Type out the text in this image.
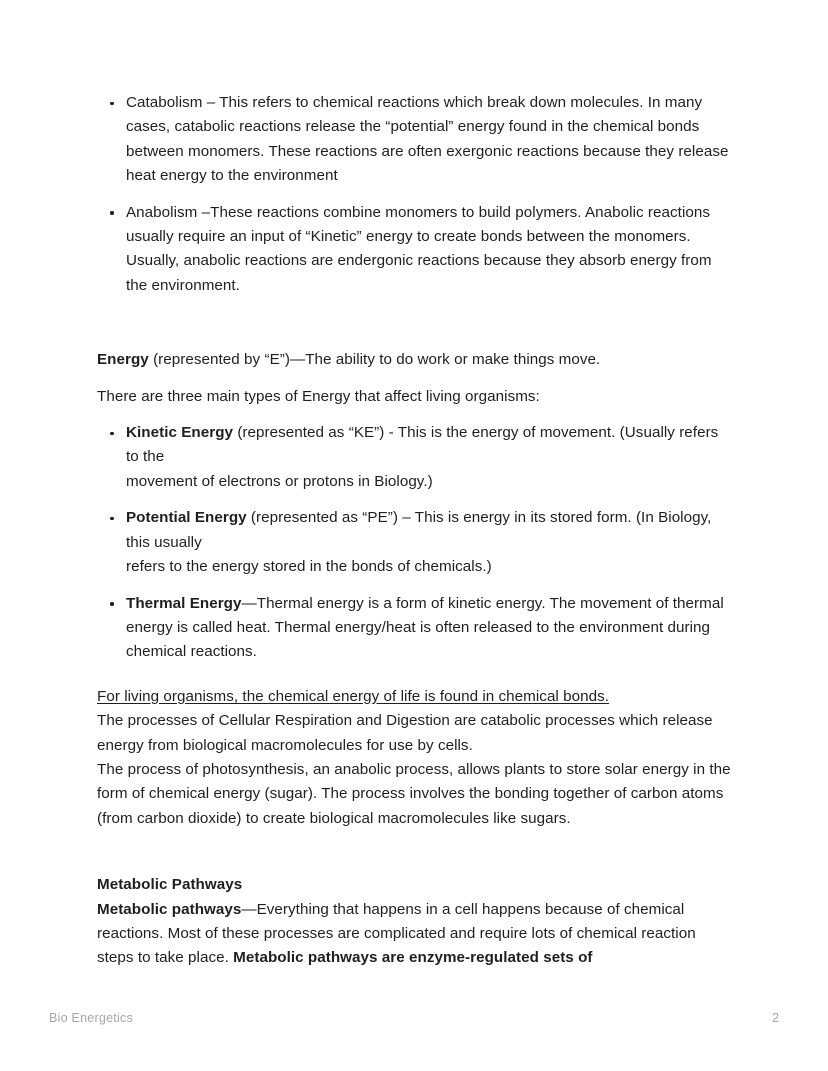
Catabolism – This refers to chemical reactions which break down molecules. In many cases, catabolic reactions release the “potential” energy found in the chemical bonds
between monomers. These reactions are often exergonic reactions because they release heat energy to the environment
Anabolism –These reactions combine monomers to build polymers. Anabolic reactions usually require an input of “Kinetic” energy to create bonds between the monomers. Usually, anabolic reactions are endergonic reactions because they absorb energy from the environment.

Energy (represented by “E”)—The ability to do work or make things move.

There are three main types of Energy that affect living organisms:

Kinetic Energy (represented as “KE”) - This is the energy of movement. (Usually refers to the
movement of electrons or protons in Biology.)
Potential Energy (represented as “PE”) – This is energy in its stored form. (In Biology, this usually
refers to the energy stored in the bonds of chemicals.)
Thermal Energy—Thermal energy is a form of kinetic energy. The movement of thermal energy is called heat. Thermal energy/heat is often released to the environment during chemical reactions.

For living organisms, the chemical energy of life is found in chemical bonds.

The processes of Cellular Respiration and Digestion are catabolic processes which release energy from biological macromolecules for use by cells.

The process of photosynthesis, an anabolic process, allows plants to store solar energy in the form of chemical energy (sugar). The process involves the bonding together of carbon atoms (from carbon dioxide) to create biological macromolecules like sugars.

Metabolic Pathways

Metabolic pathways—Everything that happens in a cell happens because of chemical reactions. Most of these processes are complicated and require lots of chemical reaction steps to take place. Metabolic pathways are enzyme-regulated sets of

Bio Energetics	2
